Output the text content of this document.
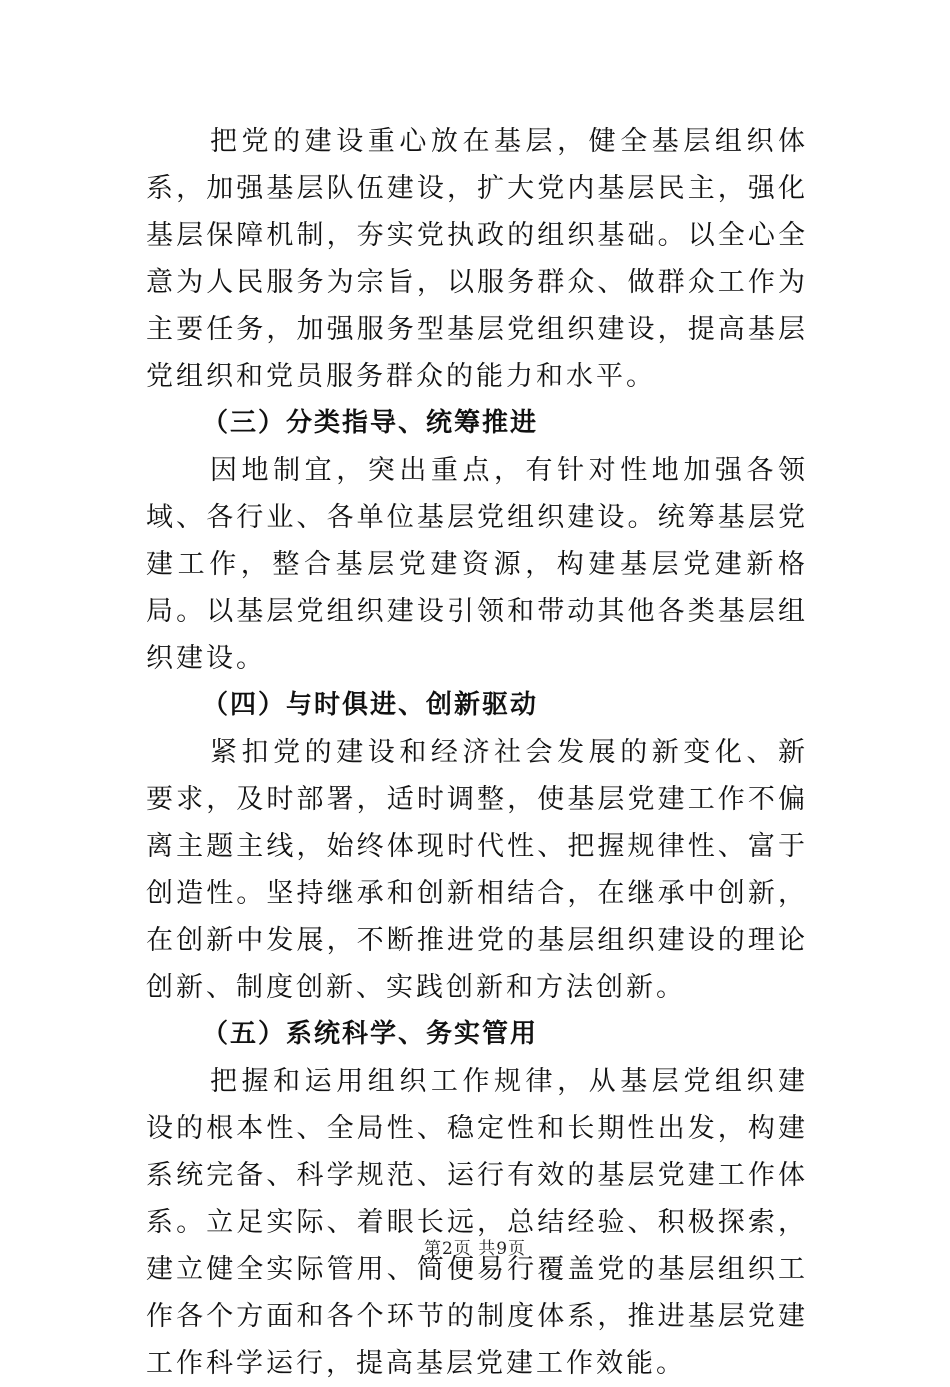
把党的建设重心放在基层，健全基层组织体系，加强基层队伍建设，扩大党内基层民主，强化基层保障机制，夯实党执政的组织基础。以全心全意为人民服务为宗旨，以服务群众、做群众工作为主要任务，加强服务型基层党组织建设，提高基层党组织和党员服务群众的能力和水平。

（三）分类指导、统筹推进

因地制宜，突出重点，有针对性地加强各领域、各行业、各单位基层党组织建设。统筹基层党建工作，整合基层党建资源，构建基层党建新格局。以基层党组织建设引领和带动其他各类基层组织建设。

（四）与时俱进、创新驱动

紧扣党的建设和经济社会发展的新变化、新要求，及时部署，适时调整，使基层党建工作不偏离主题主线，始终体现时代性、把握规律性、富于创造性。坚持继承和创新相结合，在继承中创新，在创新中发展，不断推进党的基层组织建设的理论创新、制度创新、实践创新和方法创新。

（五）系统科学、务实管用

把握和运用组织工作规律，从基层党组织建设的根本性、全局性、稳定性和长期性出发，构建系统完备、科学规范、运行有效的基层党建工作体系。立足实际、着眼长远，总结经验、积极探索，建立健全实际管用、简便易行覆盖党的基层组织工作各个方面和各个环节的制度体系，推进基层党建工作科学运行，提高基层党建工作效能。

第2页 共9页
